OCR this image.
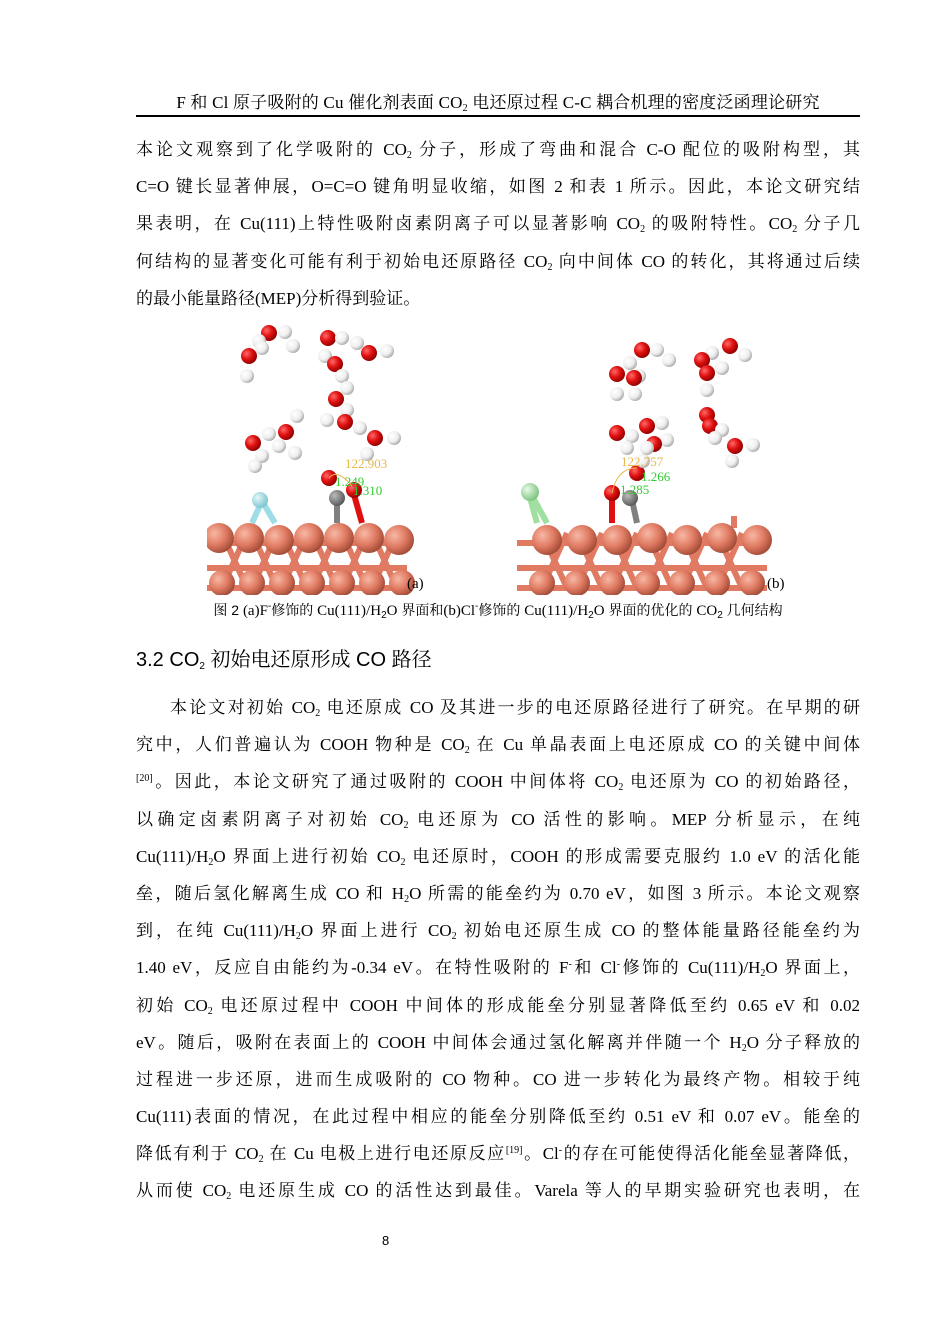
F 和 Cl 原子吸附的 Cu 催化剂表面 $CO_2$ 电还原过程 C-C 耦合机理的密度泛函理论研究
本论文观察到了化学吸附的 $CO_2$ 分子，形成了弯曲和混合 C-O 配位的吸附构型，其
C=O 键长显著伸展，O=C=O 键角明显收缩，如图 2 和表 1 所示。因此，本论文研究结
果表明，在 Cu(111)上特性吸附卤素阴离子可以显著影响 $CO_2$ 的吸附特性。$CO_2$ 分子几
何结构的显著变化可能有利于初始电还原路径 $CO_2$ 向中间体 CO 的转化，其将通过后续
的最小能量路径(MEP)分析得到验证。
122.903
1.249
1.310
(a)
122.757
1.266
1.285
(b)
图 2 (a)F-修饰的 $Cu(111)/H_2O$ 界面和(b)Cl-修饰的 $Cu(111)/H_2O$ 界面的优化的 $CO_2$ 几何结构
3.2 $CO_2$ 初始电还原形成 CO 路径
本论文对初始 $CO_2$ 电还原成 CO 及其进一步的电还原路径进行了研究。在早期的研
究中，人们普遍认为 COOH 物种是 $CO_2$ 在 Cu 单晶表面上电还原成 CO 的关键中间体
[20]。因此，本论文研究了通过吸附的 COOH 中间体将 $CO_2$ 电还原为 CO 的初始路径，
以确定卤素阴离子对初始 $CO_2$ 电还原为 CO 活性的影响。MEP 分析显示，在纯
$Cu(111)/H_2O$ 界面上进行初始 $CO_2$ 电还原时，COOH 的形成需要克服约 1.0 eV 的活化能
垒，随后氢化解离生成 CO 和 $H_2O$ 所需的能垒约为 0.70 eV，如图 3 所示。本论文观察
到，在纯 $Cu(111)/H_2O$ 界面上进行 $CO_2$ 初始电还原生成 CO 的整体能量路径能垒约为
1.40 eV，反应自由能约为-0.34 eV。在特性吸附的 F-和 Cl-修饰的 $Cu(111)/H_2O$ 界面上，
初始 $CO_2$ 电还原过程中 COOH 中间体的形成能垒分别显著降低至约 0.65 eV 和 0.02
eV。随后，吸附在表面上的 COOH 中间体会通过氢化解离并伴随一个 $H_2O$ 分子释放的
过程进一步还原，进而生成吸附的 CO 物种。CO 进一步转化为最终产物。相较于纯
Cu(111)表面的情况，在此过程中相应的能垒分别降低至约 0.51 eV 和 0.07 eV。能垒的
降低有利于 $CO_2$ 在 Cu 电极上进行电还原反应[19]。Cl-的存在可能使得活化能垒显著降低，
从而使 $CO_2$ 电还原生成 CO 的活性达到最佳。Varela 等人的早期实验研究也表明，在
8
